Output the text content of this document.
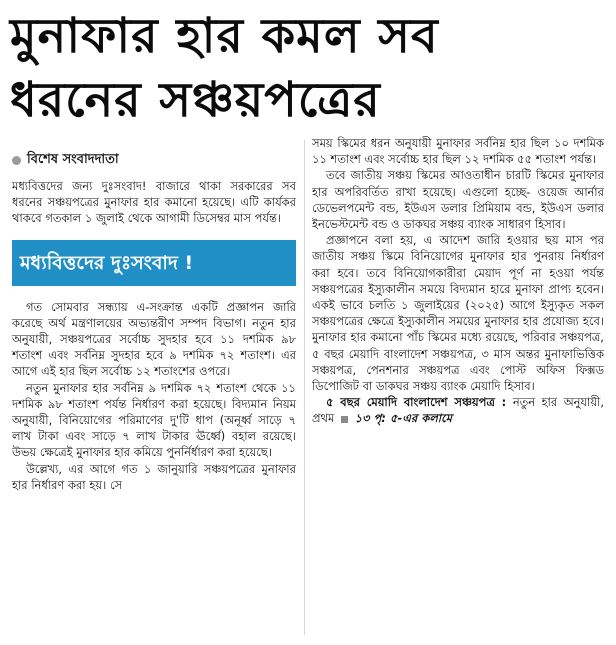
মুনাফার হার কমল সব
ধরনের সঞ্চয়পত্রের
বিশেষ সংবাদদাতা

মধ্যবিত্তদের জন্য দুঃসংবাদ! বাজারে থাকা সরকারের সব ধরনের সঞ্চয়পত্রের মুনাফার হার কমানো হয়েছে। এটি কার্যকর থাকবে গতকাল ১ জুলাই থেকে আগামী ডিসেম্বর মাস পর্যন্ত।

মধ্যবিত্তদের দুঃসংবাদ !

গত সোমবার সন্ধ্যায় এ-সংক্রান্ত একটি প্রজ্ঞাপন জারি করেছে অর্থ মন্ত্রণালয়ের অভ্যন্তরীণ সম্পদ বিভাগ। নতুন হার অনুযায়ী, সঞ্চয়পত্রের সর্বোচ্চ সুদহার হবে ১১ দশমিক ৯৮ শতাংশ এবং সর্বনিম্ন সুদহার হবে ৯ দশমিক ৭২ শতাংশ। এর আগে এই হার ছিল সর্বোচ্চ ১২ শতাংশের ওপরে।

নতুন মুনাফার হার সর্বনিম্ন ৯ দশমিক ৭২ শতাংশ থেকে ১১ দশমিক ৯৮ শতাংশ পর্যন্ত নির্ধারণ করা হয়েছে। বিদ্যমান নিয়ম অনুযায়ী, বিনিয়োগের পরিমাণের দু'টি ধাপ (অনূর্ধ্ব সাড়ে ৭ লাখ টাকা এবং সাড়ে ৭ লাখ টাকার ঊর্ধ্বে) বহাল রয়েছে। উভয় ক্ষেত্রেই মুনাফার হার কমিয়ে পুনর্নির্ধারণ করা হয়েছে।

উল্লেখ্য, এর আগে গত ১ জানুয়ারি সঞ্চয়পত্রের মুনাফার হার নির্ধারণ করা হয়। সে

সময় স্কিমের ধরন অনুযায়ী মুনাফার সর্বনিম্ন হার ছিল ১০ দশমিক ১১ শতাংশ এবং সর্বোচ্চ হার ছিল ১২ দশমিক ৫৫ শতাংশ পর্যন্ত।

তবে জাতীয় সঞ্চয় স্কিমের আওতাধীন চারটি স্কিমের মুনাফার হার অপরিবর্তিত রাখা হয়েছে। এগুলো হচ্ছে- ওয়েজ আর্নার ডেভেলপমেন্ট বন্ড, ইউএস ডলার প্রিমিয়াম বন্ড, ইউএস ডলার ইনভেস্টমেন্ট বন্ড ও ডাকঘর সঞ্চয় ব্যাংক সাধারণ হিসাব।

প্রজ্ঞাপনে বলা হয়, এ আদেশ জারি হওয়ার ছয় মাস পর জাতীয় সঞ্চয় স্কিমে বিনিয়োগের মুনাফার হার পুনরায় নির্ধারণ করা হবে। তবে বিনিয়োগকারীরা মেয়াদ পূর্ণ না হওয়া পর্যন্ত সঞ্চয়পত্রের ইস্যুকালীন সময়ে বিদ্যমান হারে মুনাফা প্রাপ্য হবেন। একই ভাবে চলতি ১ জুলাইয়ের (২০২৫) আগে ইস্যুকৃত সকল সঞ্চয়পত্রের ক্ষেত্রে ইস্যুকালীন সময়ের মুনাফার হার প্রযোজ্য হবে। মুনাফার হার কমানো পাঁচ স্কিমের মধ্যে রয়েছে, পরিবার সঞ্চয়পত্র, ৫ বছর মেয়াদি বাংলাদেশ সঞ্চয়পত্র, ৩ মাস অন্তর মুনাফাভিত্তিক সঞ্চয়পত্র, পেনশনার সঞ্চয়পত্র এবং পোস্ট অফিস ফিক্সড ডিপোজিট বা ডাকঘর সঞ্চয় ব্যাংক মেয়াদি হিসাব।

৫ বছর মেয়াদি বাংলাদেশ সঞ্চয়পত্র : নতুন হার অনুযায়ী, প্রথম ১৩ পৃ: ৫-এর কলামে
